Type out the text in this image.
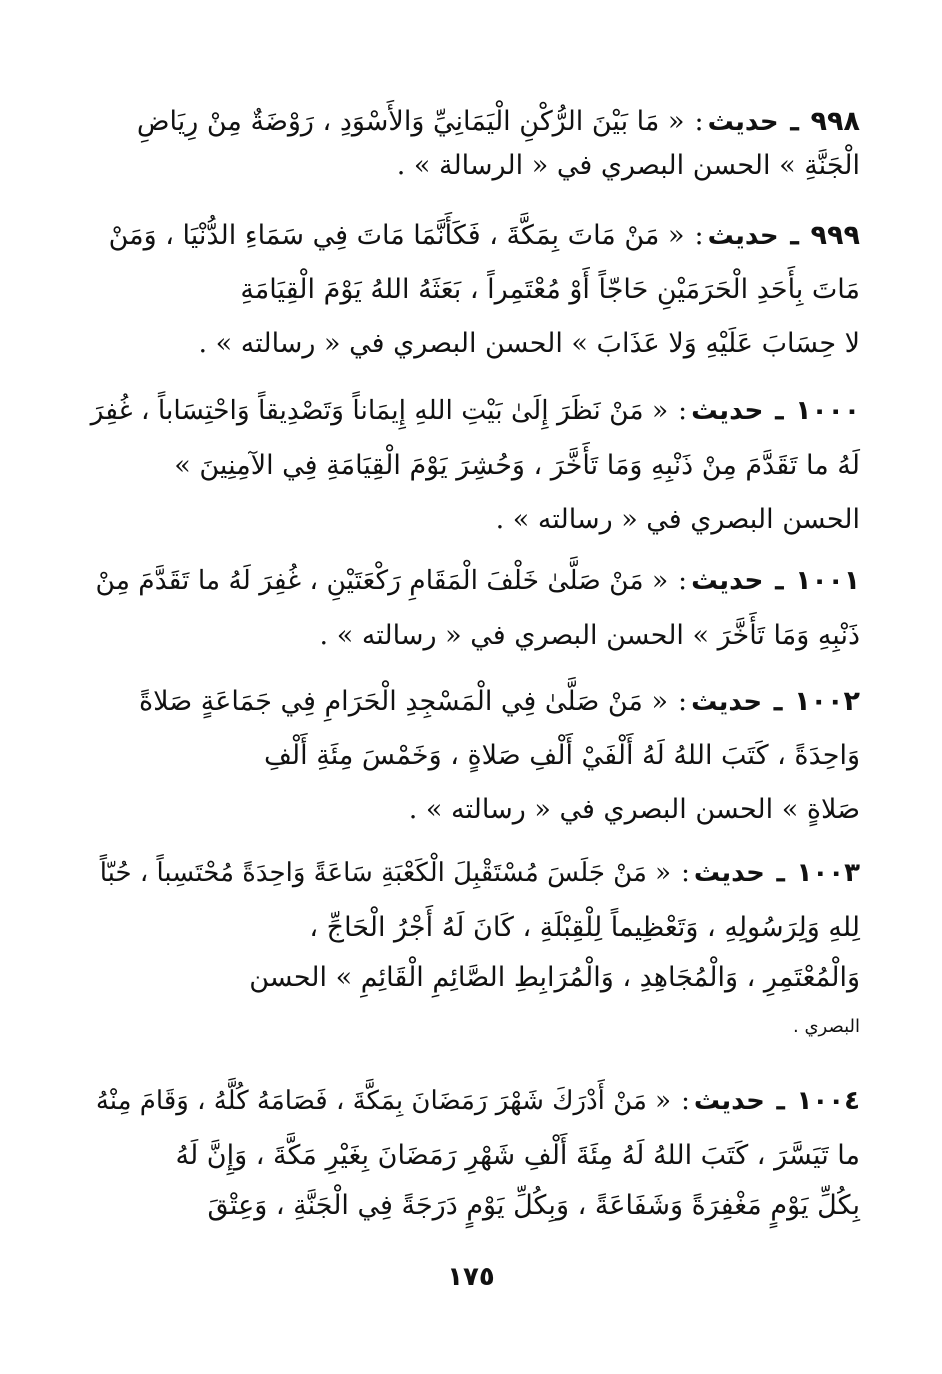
٩٩٨
ـ
حديث
:
« مَا بَيْنَ الرُّكْنِ الْيَمَانِيِّ وَالأَسْوَدِ ، رَوْضَةٌ مِنْ رِيَاضِ
الْجَنَّةِ » الحسن البصري في « الرسالة » .
٩٩٩
ـ
حديث
:
« مَنْ مَاتَ بِمَكَّةَ ، فَكَأَنَّمَا مَاتَ فِي سَمَاءِ الدُّنْيَا ، وَمَنْ
مَاتَ بِأَحَدِ الْحَرَمَيْنِ حَاجّاً أَوْ مُعْتَمِراً ، بَعَثَهُ اللهُ يَوْمَ الْقِيَامَةِ
لا حِسَابَ عَلَيْهِ وَلا عَذَابَ » الحسن البصري في « رسالته » .
١٠٠٠
ـ
حديث
:
« مَنْ نَظَرَ إِلَىٰ بَيْتِ اللهِ إِيمَاناً وَتَصْدِيقاً وَاحْتِسَاباً ، غُفِرَ
لَهُ ما تَقَدَّمَ مِنْ ذَنْبِهِ وَمَا تَأَخَّرَ ، وَحُشِرَ يَوْمَ الْقِيَامَةِ فِي الآمِنِينَ »
الحسن البصري في « رسالته » .
١٠٠١
ـ
حديث
:
« مَنْ صَلَّىٰ خَلْفَ الْمَقَامِ رَكْعَتَيْنِ ، غُفِرَ لَهُ ما تَقَدَّمَ مِنْ
ذَنْبِهِ وَمَا تَأَخَّرَ » الحسن البصري في « رسالته » .
١٠٠٢
ـ
حديث
:
« مَنْ صَلَّىٰ فِي الْمَسْجِدِ الْحَرَامِ فِي جَمَاعَةٍ صَلاةً
وَاحِدَةً ، كَتَبَ اللهُ لَهُ أَلْفَيْ أَلْفِ صَلاةٍ ، وَخَمْسَ مِئَةِ أَلْفِ
صَلاةٍ » الحسن البصري في « رسالته » .
١٠٠٣
ـ
حديث
:
« مَنْ جَلَسَ مُسْتَقْبِلَ الْكَعْبَةِ سَاعَةً وَاحِدَةً مُحْتَسِباً ، حُبّاً
لِلهِ وَلِرَسُولِهِ ، وَتَعْظِيماً لِلْقِبْلَةِ ، كَانَ لَهُ أَجْرُ الْحَاجِّ ،
وَالْمُعْتَمِرِ ، وَالْمُجَاهِدِ ، وَالْمُرَابِطِ الصَّائِمِ الْقَائِمِ » الحسن
البصري .
١٠٠٤
ـ
حديث
:
« مَنْ أَدْرَكَ شَهْرَ رَمَضَانَ بِمَكَّةَ ، فَصَامَهُ كُلَّهُ ، وَقَامَ مِنْهُ
ما تَيَسَّرَ ، كَتَبَ اللهُ لَهُ مِئَةَ أَلْفِ شَهْرِ رَمَضَانَ بِغَيْرِ مَكَّةَ ، وَإِنَّ لَهُ
بِكُلِّ يَوْمٍ مَغْفِرَةً وَشَفَاعَةً ، وَبِكُلِّ يَوْمٍ دَرَجَةً فِي الْجَنَّةِ ، وَعِتْقَ
١٧٥
